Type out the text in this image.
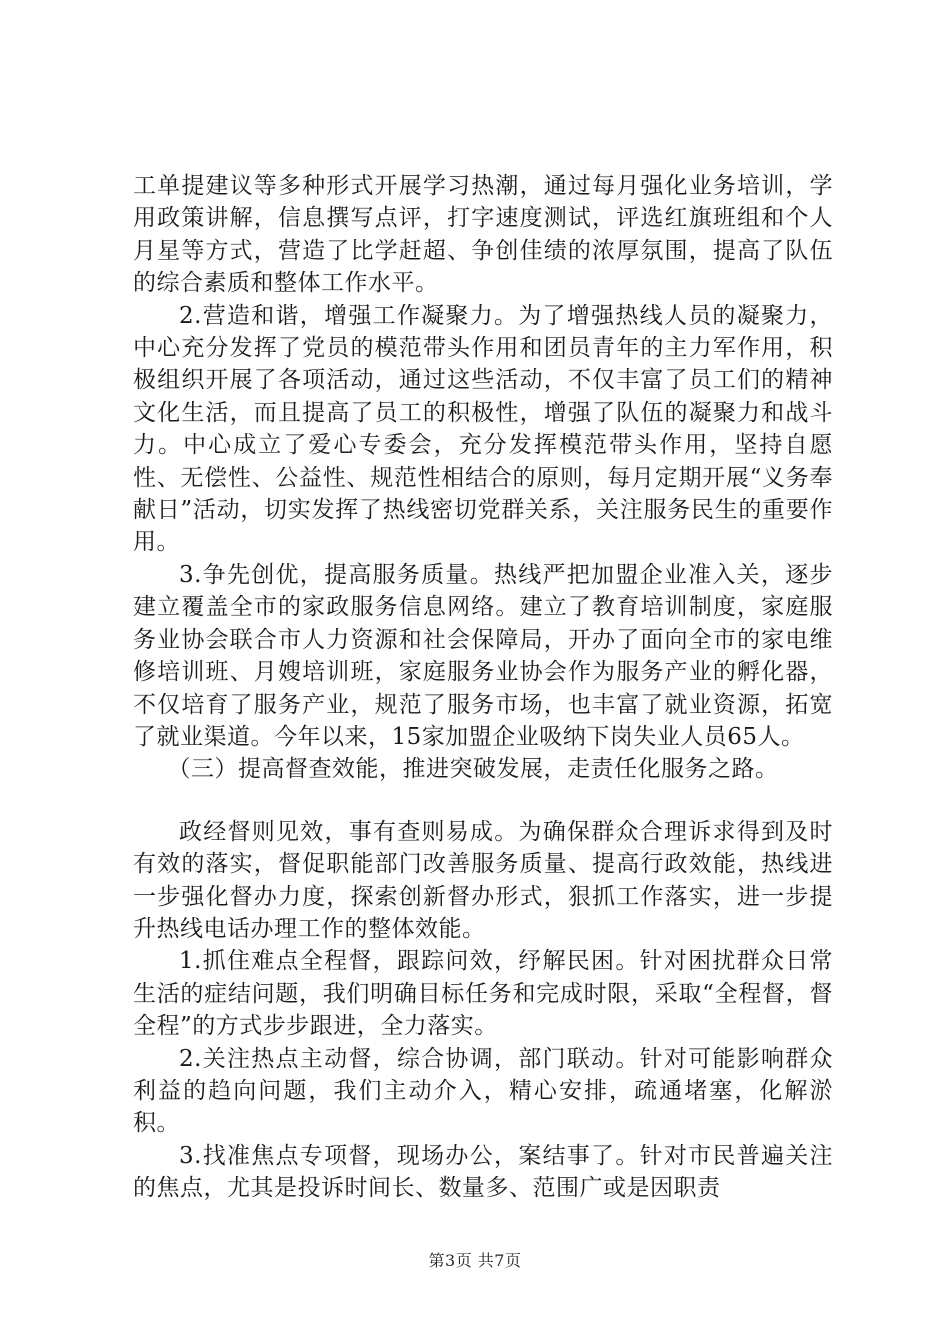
工单提建议等多种形式开展学习热潮，通过每月强化业务培训，学用政策讲解，信息撰写点评，打字速度测试，评选红旗班组和个人月星等方式，营造了比学赶超、争创佳绩的浓厚氛围，提高了队伍的综合素质和整体工作水平。

2.营造和谐，增强工作凝聚力。为了增强热线人员的凝聚力，中心充分发挥了党员的模范带头作用和团员青年的主力军作用，积极组织开展了各项活动，通过这些活动，不仅丰富了员工们的精神文化生活，而且提高了员工的积极性，增强了队伍的凝聚力和战斗力。中心成立了爱心专委会，充分发挥模范带头作用，坚持自愿性、无偿性、公益性、规范性相结合的原则，每月定期开展“义务奉献日”活动，切实发挥了热线密切党群关系，关注服务民生的重要作用。

3.争先创优，提高服务质量。热线严把加盟企业准入关，逐步建立覆盖全市的家政服务信息网络。建立了教育培训制度，家庭服务业协会联合市人力资源和社会保障局，开办了面向全市的家电维修培训班、月嫂培训班，家庭服务业协会作为服务产业的孵化器，不仅培育了服务产业，规范了服务市场，也丰富了就业资源，拓宽了就业渠道。今年以来，15家加盟企业吸纳下岗失业人员65人。

（三）提高督查效能，推进突破发展，走责任化服务之路。

政经督则见效，事有查则易成。为确保群众合理诉求得到及时有效的落实，督促职能部门改善服务质量、提高行政效能，热线进一步强化督办力度，探索创新督办形式，狠抓工作落实，进一步提升热线电话办理工作的整体效能。

1.抓住难点全程督，跟踪问效，纾解民困。针对困扰群众日常生活的症结问题，我们明确目标任务和完成时限，采取“全程督，督全程”的方式步步跟进，全力落实。

2.关注热点主动督，综合协调，部门联动。针对可能影响群众利益的趋向问题，我们主动介入，精心安排，疏通堵塞，化解淤积。

3.找准焦点专项督，现场办公，案结事了。针对市民普遍关注的焦点，尤其是投诉时间长、数量多、范围广或是因职责

第3页 共7页
